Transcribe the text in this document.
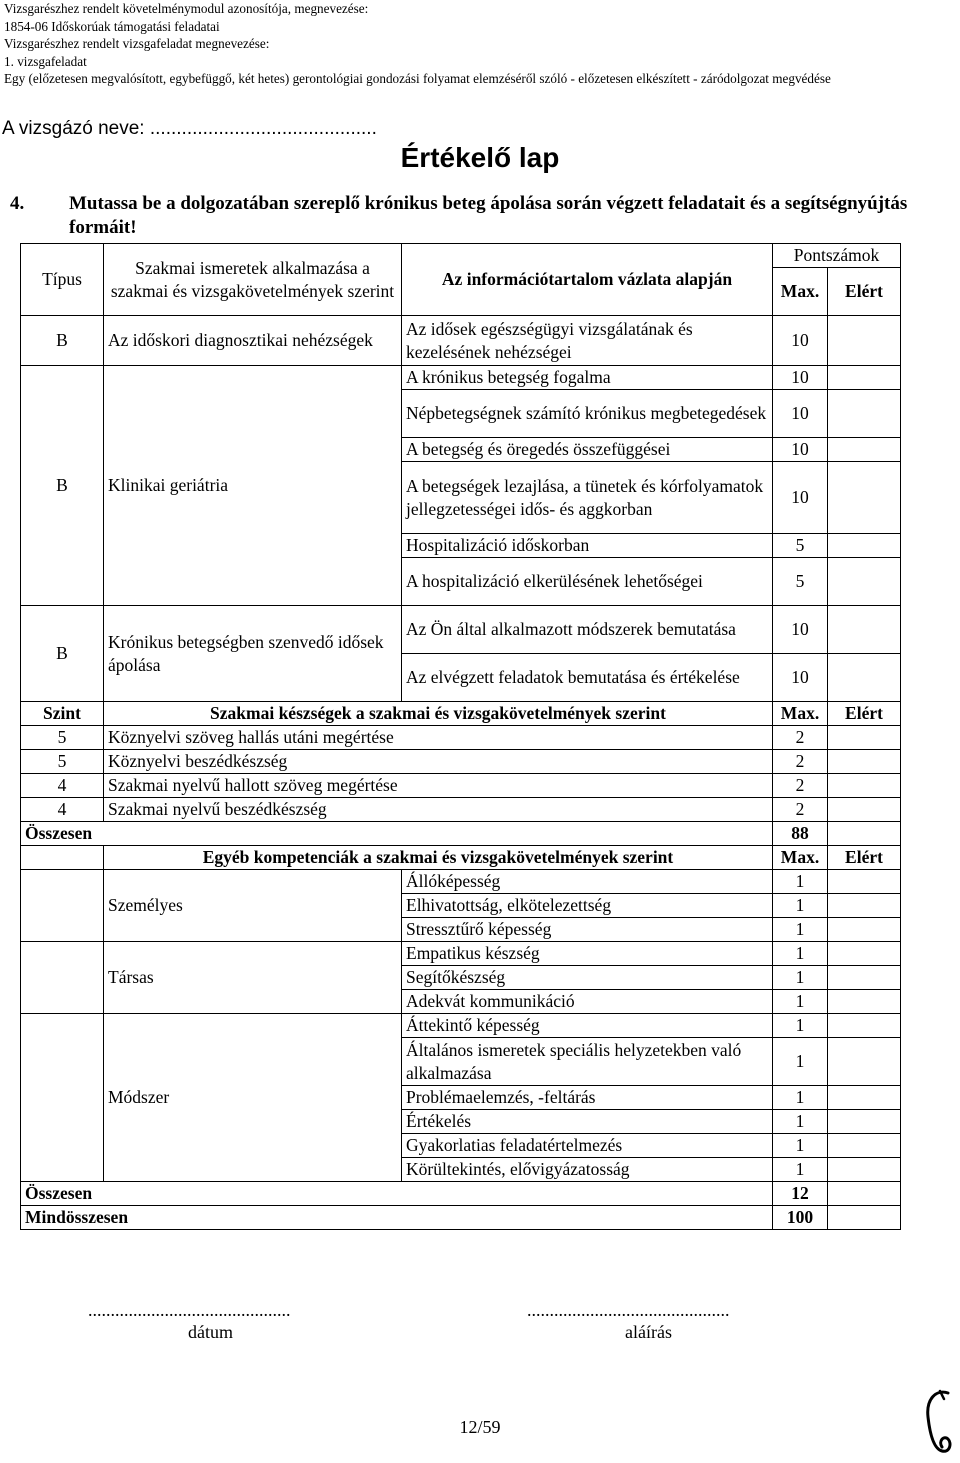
Vizsgarészhez rendelt követelménymodul azonosítója, megnevezése:
1854-06 Időskorúak támogatási feladatai
Vizsgarészhez rendelt vizsgafeladat megnevezése:
1. vizsgafeladat
Egy (előzetesen megvalósított, egybefüggő, két hetes) gerontológiai gondozási folyamat elemzéséről szóló - előzetesen elkészített - záródolgozat megvédése
A vizsgázó neve: ...........................................
Értékelő lap
4. Mutassa be a dolgozatában szereplő krónikus beteg ápolása során végzett feladatait és a segítségnyújtás formáit!
Típus	Szakmai ismeretek alkalmazása a szakmai és vizsgakövetelmények szerint	Az információtartalom vázlata alapján	Pontszámok	
			Max.	Elért

B	Az időskori diagnosztikai nehézségek	Az idősek egészségügyi vizsgálatának és kezelésének nehézségei	10	
B	Klinikai geriátria	A krónikus betegség fogalma	10	
		Népbetegségnek számító krónikus megbetegedések	10	
		A betegség és öregedés összefüggései	10	
		A betegségek lezajlása, a tünetek és kórfolyamatok jellegzetességei idős- és aggkorban	10	
		Hospitalizáció időskorban	5	
		A hospitalizáció elkerülésének lehetőségei	5	

B	Krónikus betegségben szenvedő idősek ápolása	Az Ön által alkalmazott módszerek bemutatása	10	
		Az elvégzett feladatok bemutatása és értékelése	10	
Szint	Szakmai készségek a szakmai és vizsgakövetelmények szerint		Max.	Elért
5	Köznyelvi szöveg hallás utáni megértése		2	
5	Köznyelvi beszédkészség		2	
4	Szakmai nyelvű hallott szöveg megértése		2	
4	Szakmai nyelvű beszédkészség		2	
Összesen			88	
	Egyéb kompetenciák a szakmai és vizsgakövetelmények szerint		Max.	Elért
	Személyes	Állóképesség	1	
		Elhivatottság, elkötelezettség	1	
		Stressztűrő képesség	1	
	Társas	Empatikus készség	1	
		Segítőkészség	1	
		Adekvát kommunikáció	1	
	Módszer	Áttekintő képesség	1	
		Általános ismeretek speciális helyzetekben való alkalmazása	1	
		Problémaelemzés, -feltárás	1	
		Értékelés	1	
		Gyakorlatias feladatértelmezés	1	
		Körültekintés, elővigyázatosság	1	
Összesen			12	
Mindösszesen			100	
.............................................
dátum
.............................................
aláírás
12/59
